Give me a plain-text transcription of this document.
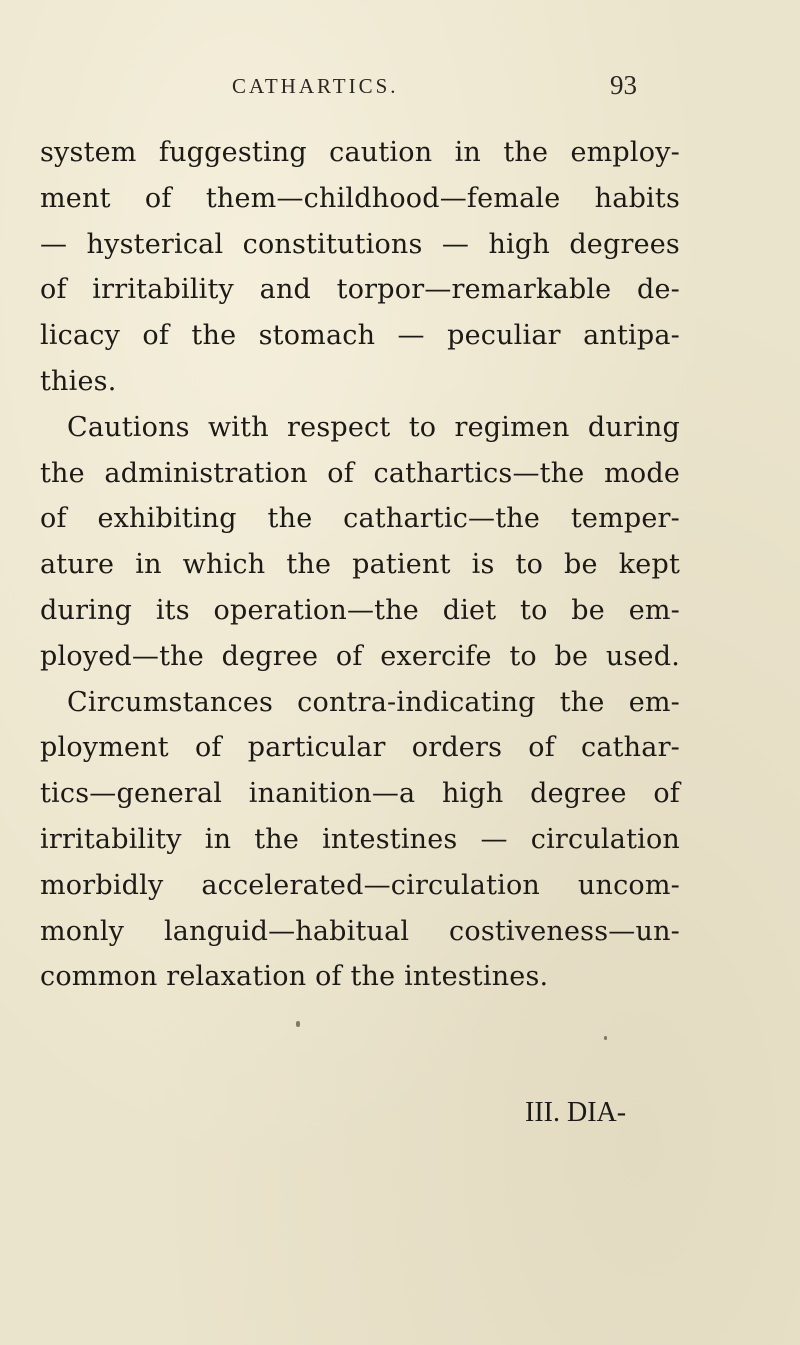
CATHARTICS.	93
system fuggesting caution in the employ-
ment of them—childhood—female habits
— hysterical constitutions — high degrees
of irritability and torpor—remarkable de-
licacy of the stomach — peculiar antipa-
thies.
Cautions with respect to regimen during
the administration of cathartics—the mode
of exhibiting the cathartic—the temper-
ature in which the patient is to be kept
during its operation—the diet to be em-
ployed—the degree of exercife to be used.
Circumstances contra-indicating the em-
ployment of particular orders of cathar-
tics—general inanition—a high degree of
irritability in the intestines — circulation
morbidly accelerated—circulation uncom-
monly languid—habitual costiveness—un-
common relaxation of the intestines.
III. DIA-
